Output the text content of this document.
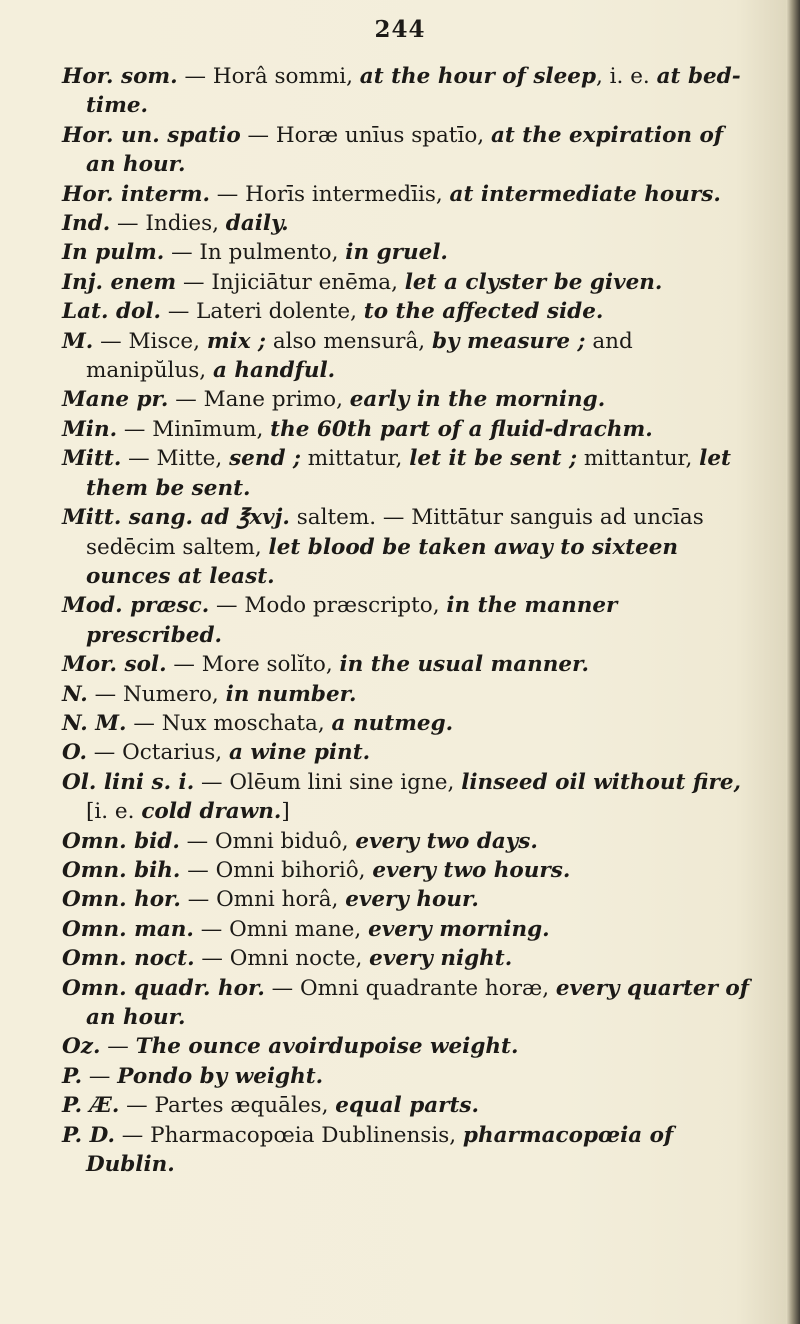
244

Hor. som. — Horâ sommi, at the hour of sleep, i. e. at bed-time.

Hor. un. spatio — Horæ unīus spatīo, at the expiration of an hour.

Hor. interm. — Horīs intermedīis, at intermediate hours.

Ind. — Indies, daily.

In pulm. — In pulmento, in gruel.

Inj. enem — Injiciātur enēma, let a clyster be given.

Lat. dol. — Lateri dolente, to the affected side.

M. — Misce, mix ; also mensurâ, by measure ; and manipŭlus, a handful.

Mane pr. — Mane primo, early in the morning.

Min. — Minīmum, the 60th part of a fluid-drachm.

Mitt. — Mitte, send ; mittatur, let it be sent ; mittantur, let them be sent.

Mitt. sang. ad ℥xvj. saltem. — Mittātur sanguis ad uncīas sedēcim saltem, let blood be taken away to sixteen ounces at least.

Mod. præsc. — Modo præscripto, in the manner prescribed.

Mor. sol. — More solĭto, in the usual manner.

N. — Numero, in number.

N. M. — Nux moschata, a nutmeg.

O. — Octarius, a wine pint.

Ol. lini s. i. — Olēum lini sine igne, linseed oil without fire, [i. e. cold drawn.]

Omn. bid. — Omni biduô, every two days.

Omn. bih. — Omni bihoriô, every two hours.

Omn. hor. — Omni horâ, every hour.

Omn. man. — Omni mane, every morning.

Omn. noct. — Omni nocte, every night.

Omn. quadr. hor. — Omni quadrante horæ, every quarter of an hour.

Oz. — The ounce avoirdupoise weight.

P. — Pondo by weight.

P. Æ. — Partes æquāles, equal parts.

P. D. — Pharmacopœia Dublinensis, pharmacopœia of Dublin.
